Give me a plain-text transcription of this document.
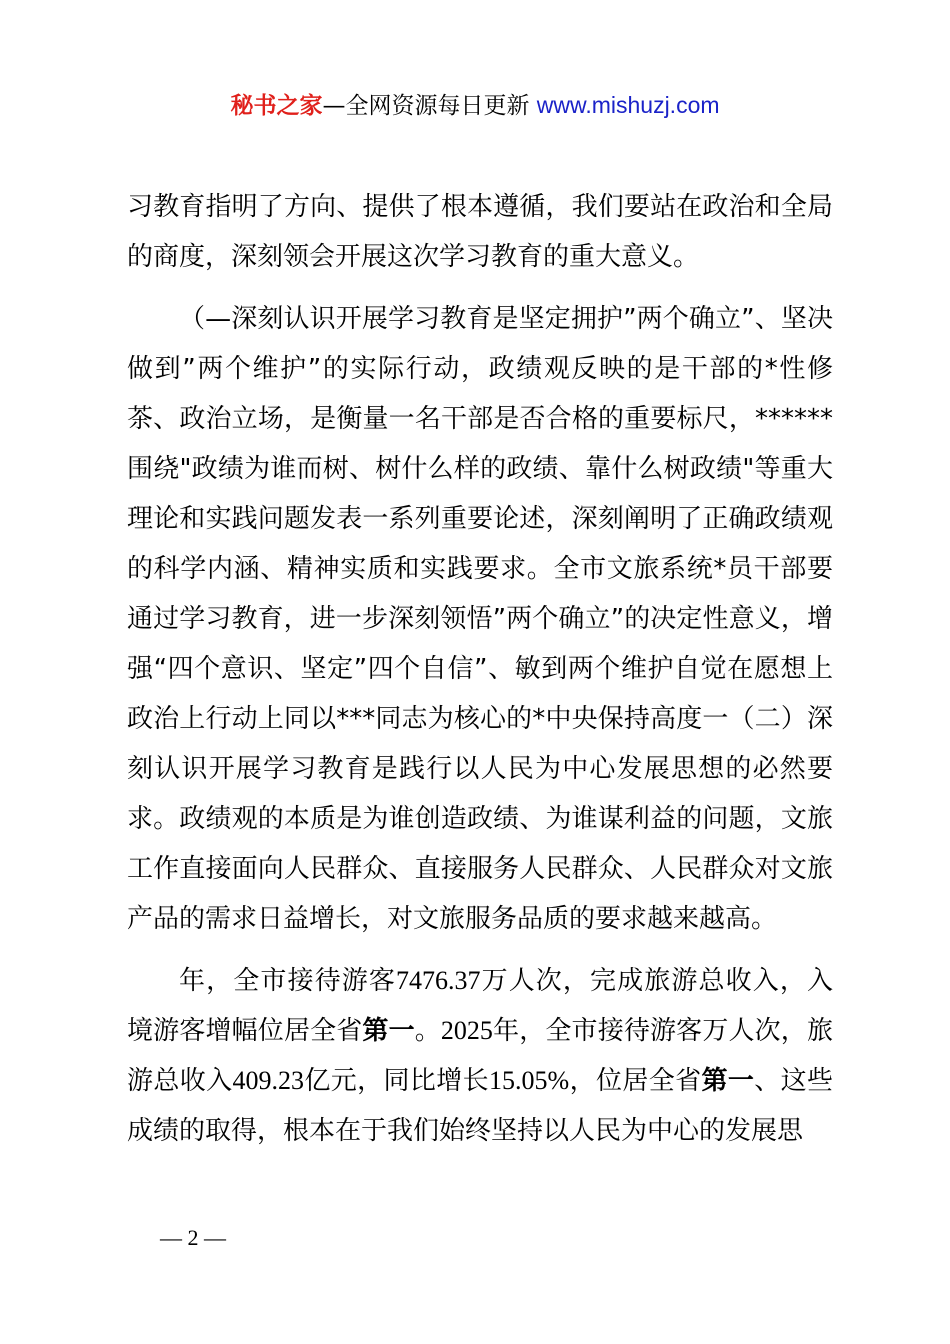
秘书之家—全网资源每日更新 www.mishuzj.com

习教育指明了方向、提供了根本遵循，我们要站在政治和全局的商度，深刻领会开展这次学习教育的重大意义。

（—深刻认识开展学习教育是坚定拥护”两个确立”、坚决做到”两个维护”的实际行动，政绩观反映的是干部的*性修茶、政治立场，是衡量一名干部是否合格的重要标尺，******围绕"政绩为谁而树、树什么样的政绩、靠什么树政绩"等重大理论和实践问题发表一系列重要论述，深刻阐明了正确政绩观的科学内涵、精神实质和实践要求。全市文旅系统*员干部要通过学习教育，进一步深刻领悟”两个确立”的决定性意义，增强“四个意识、坚定”四个自信”、敏到两个维护自觉在愿想上政治上行动上同以***同志为核心的*中央保持高度一（二）深刻认识开展学习教育是践行以人民为中心发展思想的必然要求。政绩观的本质是为谁创造政绩、为谁谋利益的问题，文旅工作直接面向人民群众、直接服务人民群众、人民群众对文旅产品的需求日益增长，对文旅服务品质的要求越来越高。

年，全市接待游客7476.37万人次，完成旅游总收入，入境游客增幅位居全省第一。2025年，全市接待游客万人次，旅游总收入409.23亿元，同比增长15.05%，位居全省第一、这些成绩的取得，根本在于我们始终坚持以人民为中心的发展思

— 2 —
